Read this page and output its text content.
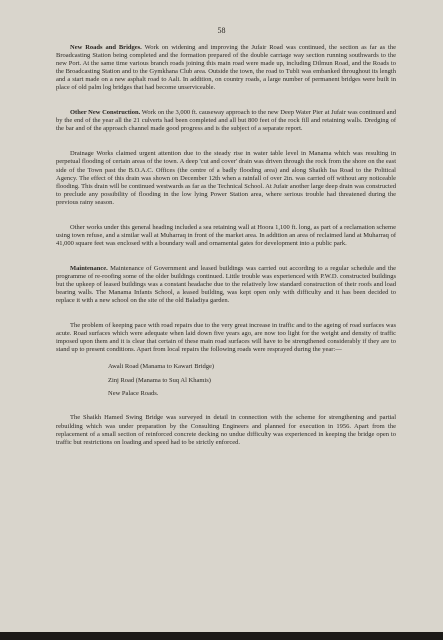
58

New Roads and Bridges. Work on widening and improving the Jufair Road was continued, the section as far as the Broadcasting Station being completed and the formation prepared of the double carriage way section running southwards to the new Port. At the same time various branch roads joining this main road were made up, including Dilmun Road, and the Roads to the Broadcasting Station and to the Gymkhana Club area. Outside the town, the road to Tubli was embanked throughout its length and a start made on a new asphalt road to Aali. In addition, on country roads, a large number of permanent bridges were built in place of old palm log bridges that had become unserviceable.

Other New Construction. Work on the 3,000 ft. causeway approach to the new Deep Water Pier at Jufair was continued and by the end of the year all the 21 culverts had been completed and all but 800 feet of the rock fill and retaining walls. Dredging of the bar and of the approach channel made good progress and is the subject of a separate report.

Drainage Works claimed urgent attention due to the steady rise in water table level in Manama which was resulting in perpetual flooding of certain areas of the town. A deep 'cut and cover' drain was driven through the rock from the shore on the east side of the Town past the B.O.A.C. Offices (the centre of a badly flooding area) and along Shaikh Isa Road to the Political Agency. The effect of this drain was shown on December 12th when a rainfall of over 2in. was carried off without any noticeable flooding. This drain will be continued westwards as far as the Technical School. At Jufair another large deep drain was constructed to preclude any possibility of flooding in the low lying Power Station area, where serious trouble had threatened during the previous rainy season.

Other works under this general heading included a sea retaining wall at Hoora 1,100 ft. long, as part of a reclamation scheme using town refuse, and a similar wall at Muharraq in front of the market area. In addition an area of reclaimed land at Muharraq of 41,000 square feet was enclosed with a boundary wall and ornamental gates for development into a public park.

Maintenance. Maintenance of Government and leased buildings was carried out according to a regular schedule and the programme of re-roofing some of the older buildings continued. Little trouble was experienced with P.W.D. constructed buildings but the upkeep of leased buildings was a constant headache due to the relatively low standard construction of their roofs and load bearing walls. The Manama Infants School, a leased building, was kept open only with difficulty and it has been decided to replace it with a new school on the site of the old Baladiya garden.

The problem of keeping pace with road repairs due to the very great increase in traffic and to the ageing of road surfaces was acute. Road surfaces which were adequate when laid down five years ago, are now too light for the weight and density of traffic imposed upon them and it is clear that certain of these main road surfaces will have to be strengthened considerably if they are to stand up to present conditions. Apart from local repairs the following roads were resprayed during the year:—

Awali Road (Manama to Kawari Bridge)
Zinj Road (Manama to Suq Al Khamis)
New Palace Roads.

The Shaikh Hamed Swing Bridge was surveyed in detail in connection with the scheme for strengthening and partial rebuilding which was under preparation by the Consulting Engineers and planned for execution in 1956. Apart from the replacement of a small section of reinforced concrete decking no undue difficulty was experienced in keeping the bridge open to traffic but restrictions on loading and speed had to be strictly enforced.
